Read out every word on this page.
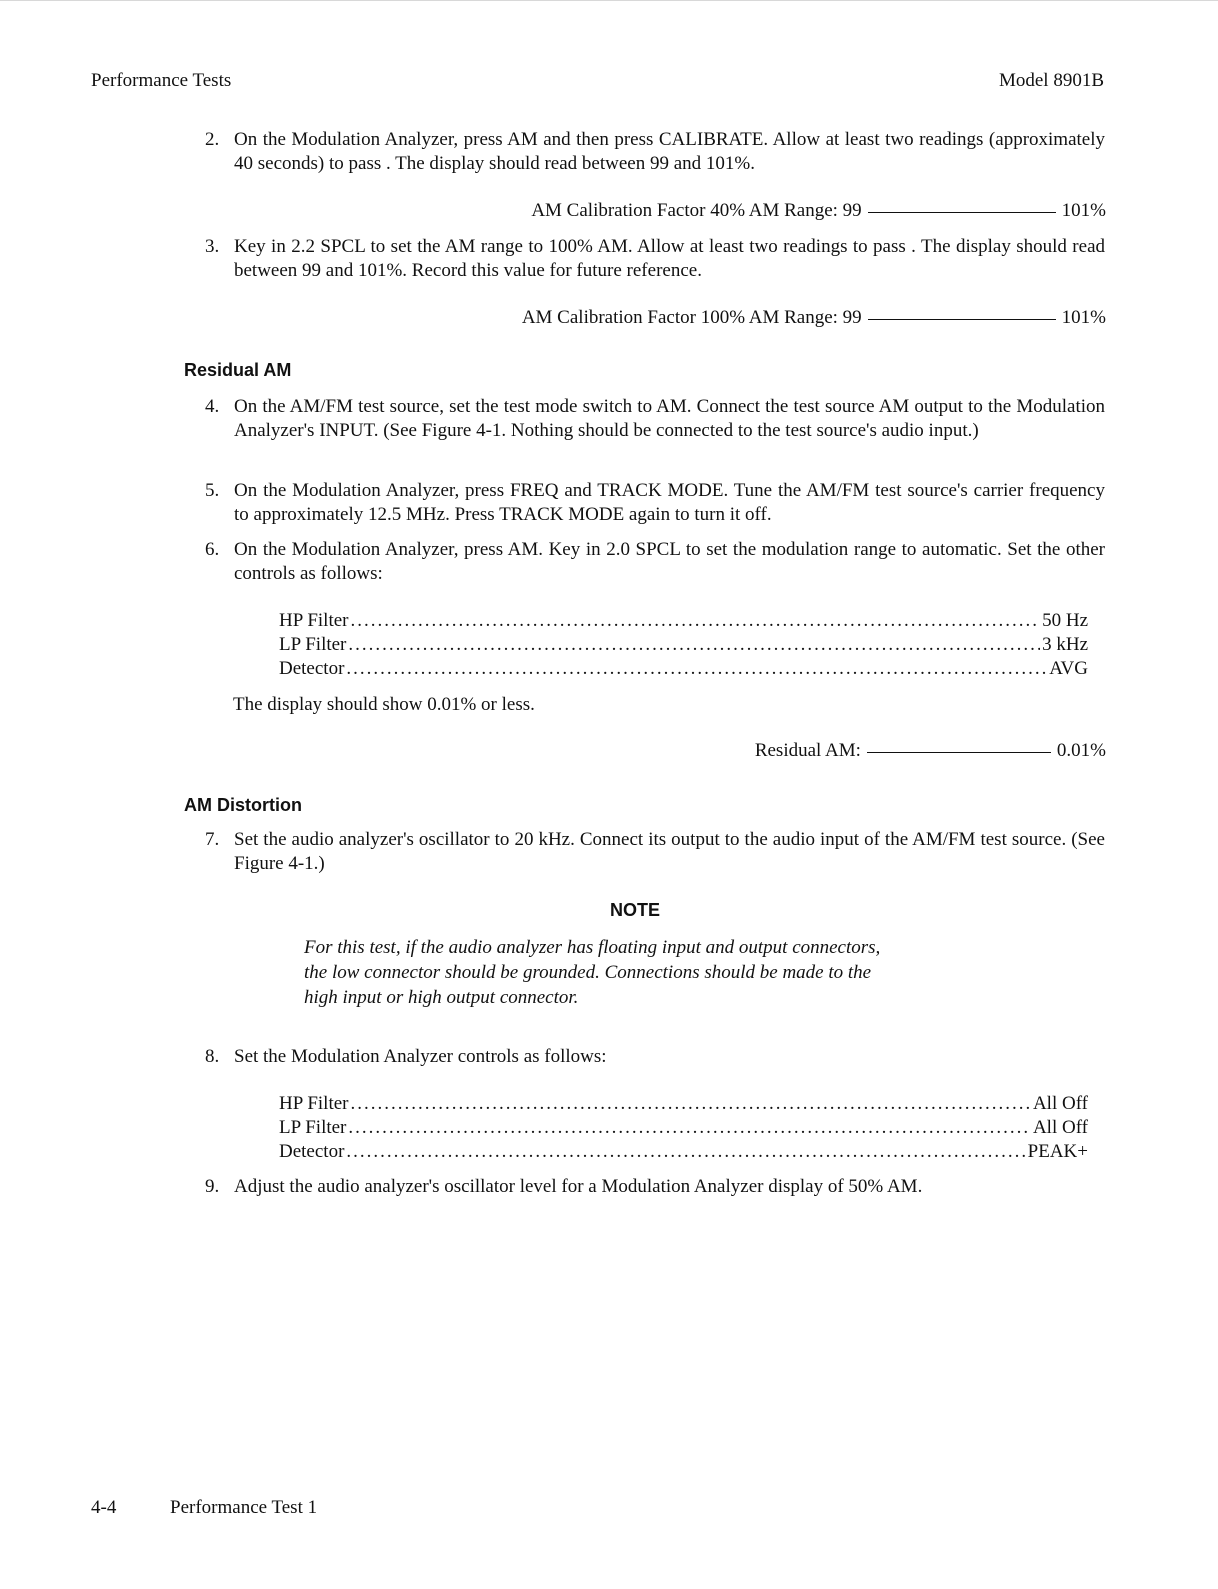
Performance Tests	Model 8901B
2. On the Modulation Analyzer, press AM and then press CALIBRATE. Allow at least two readings (approximately 40 seconds) to pass . The display should read between 99 and 101%.
AM Calibration Factor 40% AM Range: 99	101%
3. Key in 2.2 SPCL to set the AM range to 100% AM. Allow at least two readings to pass . The display should read between 99 and 101%. Record this value for future reference.
AM Calibration Factor 100% AM Range: 99	101%
Residual AM
4. On the AM/FM test source, set the test mode switch to AM. Connect the test source AM output to the Modulation Analyzer's INPUT. (See Figure 4-1. Nothing should be connected to the test source's audio input.)
5. On the Modulation Analyzer, press FREQ and TRACK MODE. Tune the AM/FM test source's carrier frequency to approximately 12.5 MHz. Press TRACK MODE again to turn it off.
6. On the Modulation Analyzer, press AM. Key in 2.0 SPCL to set the modulation range to automatic. Set the other controls as follows:
HP Filter .....	50 Hz
LP Filter .....	3 kHz
Detector .....	AVG
The display should show 0.01% or less.
Residual AM:	0.01%
AM Distortion
7. Set the audio analyzer's oscillator to 20 kHz. Connect its output to the audio input of the AM/FM test source. (See Figure 4-1.)
NOTE
For this test, if the audio analyzer has floating input and output connectors,
the low connector should be grounded. Connections should be made to the
high input or high output connector.
8. Set the Modulation Analyzer controls as follows:
HP Filter .....	All Off
LP Filter .....	All Off
Detector .....	PEAK+
9. Adjust the audio analyzer's oscillator level for a Modulation Analyzer display of 50% AM.
4-4	Performance Test 1
